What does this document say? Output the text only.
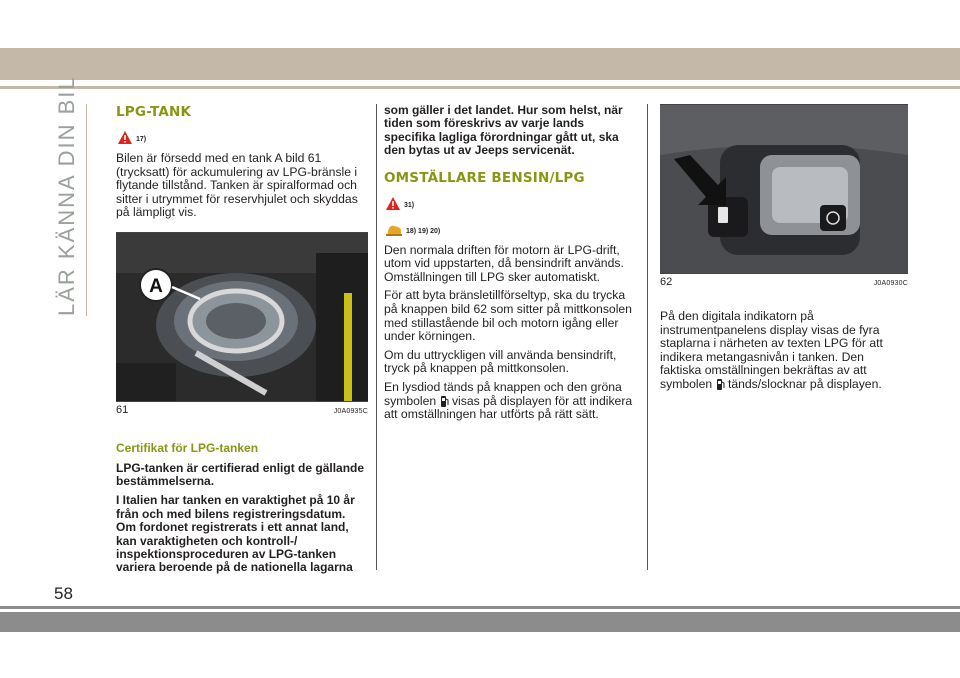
LÄR KÄNNA DIN BIL	LPG-TANK
17)

Bilen är försedd med en tank A bild 61 (trycksatt) för ackumulering av LPG-bränsle i flytande tillstånd. Tanken är spiralformad och sitter i utrymmet för reservhjulet och skyddas på lämpligt vis.

A
61	J0A0935C

Certifikat för LPG-tanken

LPG-tanken är certifierad enligt de gällande bestämmelserna.

I Italien har tanken en varaktighet på 10 år från och med bilens registreringsdatum. Om fordonet registrerats i ett annat land, kan varaktigheten och kontroll-/ inspektionsproceduren av LPG-tanken variera beroende på de nationella lagarna

som gäller i det landet. Hur som helst, när tiden som föreskrivs av varje lands specifika lagliga förordningar gått ut, ska den bytas ut av Jeeps servicenät.

OMSTÄLLARE BENSIN/LPG
31)
18) 19) 20)

Den normala driften för motorn är LPG-drift, utom vid uppstarten, då bensindrift används. Omställningen till LPG sker automatiskt.

För att byta bränsletillförseltyp, ska du trycka på knappen bild 62 som sitter på mittkonsolen med stillastående bil och motorn igång eller under körningen.

Om du uttryckligen vill använda bensindrift, tryck på knappen på mittkonsolen.

En lysdiod tänds på knappen och den gröna symbolen visas på displayen för att indikera att omställningen har utförts på rätt sätt.

62	J0A0930C

På den digitala indikatorn på instrumentpanelens display visas de fyra staplarna i närheten av texten LPG för att indikera metangasnivån i tanken. Den faktiska omställningen bekräftas av att symbolen tänds/slocknar på displayen.

58
